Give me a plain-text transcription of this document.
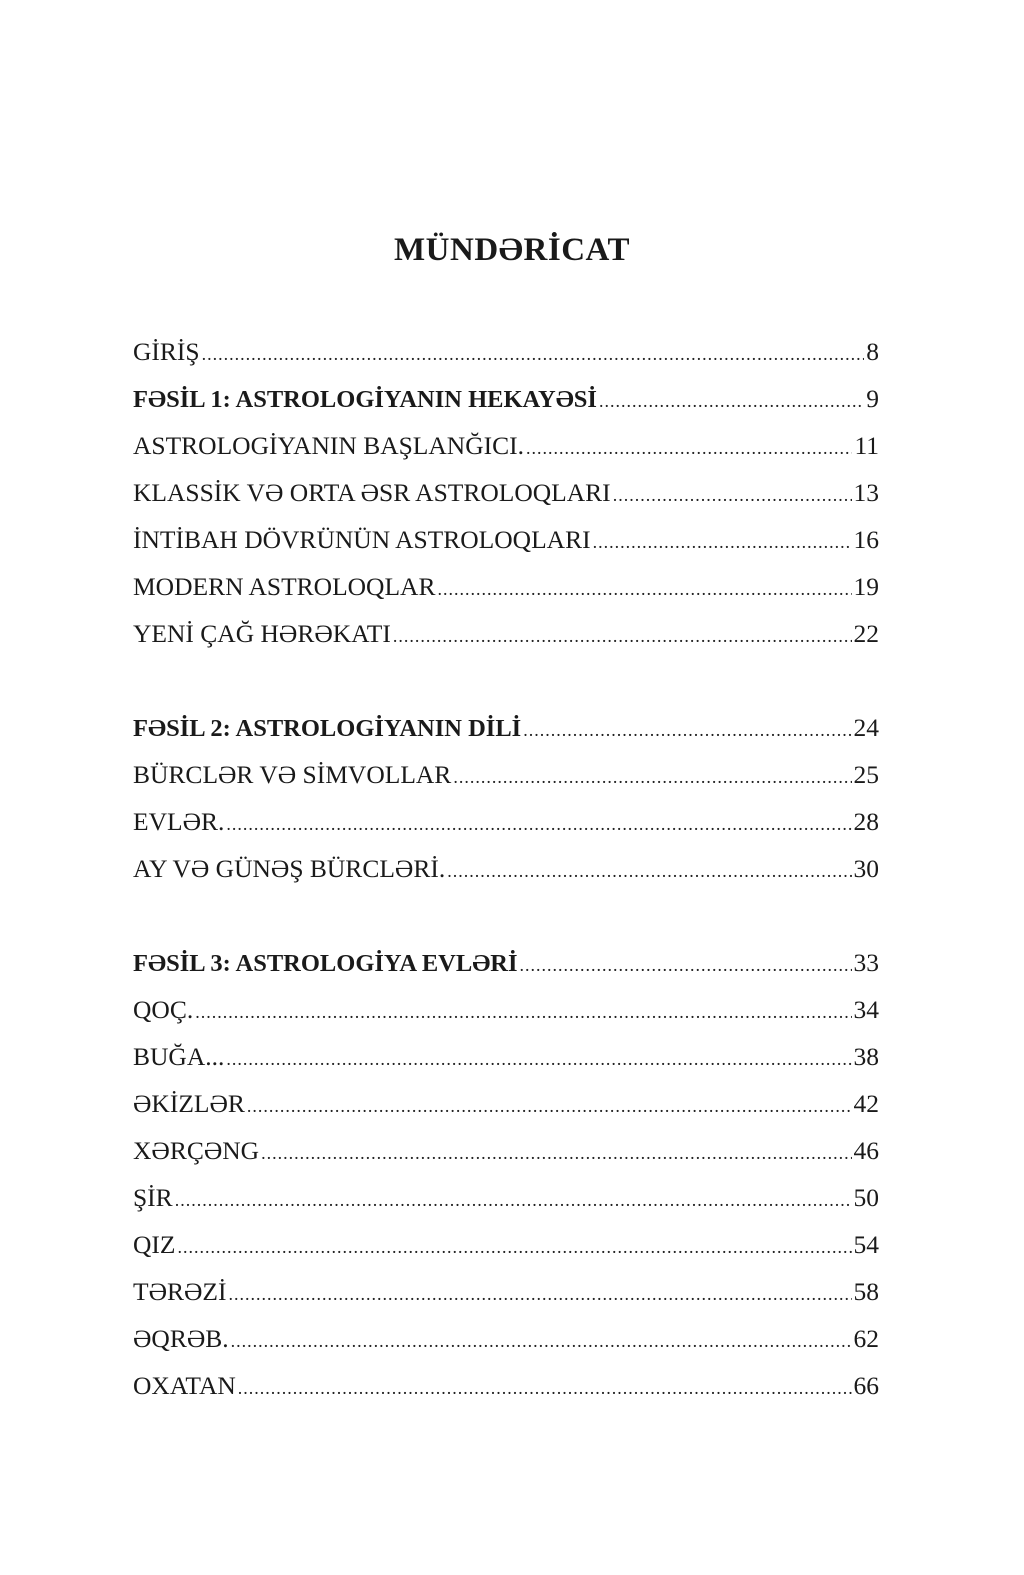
MÜNDƏRİCAT
GİRİŞ .....	8
FƏSİL 1: ASTROLOGİYANIN HEKAYƏSİ .....	9
ASTROLOGİYANIN BAŞLANĞICI. .....	11
KLASSİK VƏ ORTA ƏSR ASTROLOQLARI .....	13
İNTİBAH DÖVRÜNÜN ASTROLOQLARI .....	16
MODERN ASTROLOQLAR .....	19
YENİ ÇAĞ HƏRƏKATI .....	22
FƏSİL 2: ASTROLOGİYANIN DİLİ .....	24
BÜRCLƏR VƏ SİMVOLLAR .....	25
EVLƏR. .....	28
AY VƏ GÜNƏŞ BÜRCLƏRİ. .....	30
FƏSİL 3: ASTROLOGİYA EVLƏRİ .....	33
QOÇ. .....	34
BUĞA... .....	38
ƏKİZLƏR .....	42
XƏRÇƏNG .....	46
ŞİR .....	50
QIZ .....	54
TƏRƏZİ .....	58
ƏQRƏB. .....	62
OXATAN .....	66
